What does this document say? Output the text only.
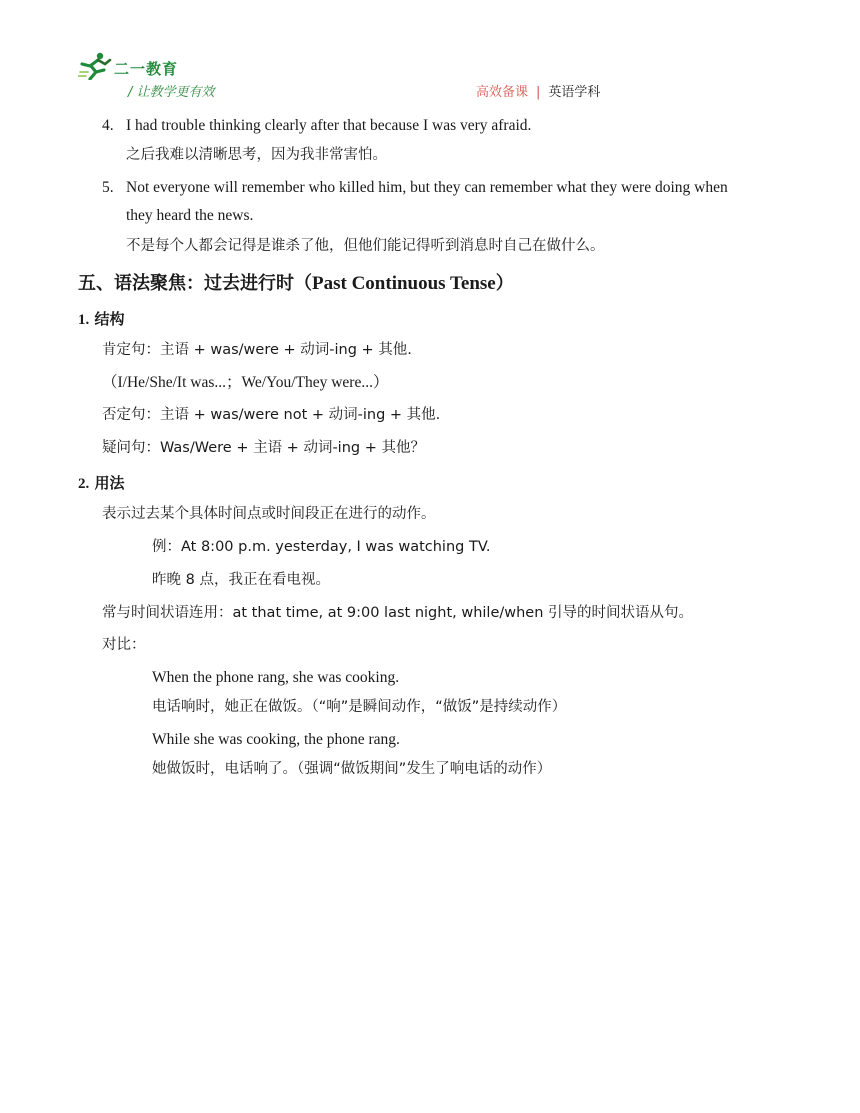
二一教育
/ 让教学更有效	高效备课 | 英语学科
4. I had trouble thinking clearly after that because I was very afraid.
之后我难以清晰思考，因为我非常害怕。
5. Not everyone will remember who killed him, but they can remember what they were doing when
they heard the news.
不是每个人都会记得是谁杀了他，但他们能记得听到消息时自己在做什么。
五、语法聚焦：过去进行时（Past Continuous Tense）
1. 结构
肯定句：主语 + was/were + 动词-ing + 其他.
（I/He/She/It was...；We/You/They were...）
否定句：主语 + was/were not + 动词-ing + 其他.
疑问句：Was/Were + 主语 + 动词-ing + 其他？
2. 用法
表示过去某个具体时间点或时间段正在进行的动作。
例：At 8:00 p.m. yesterday, I was watching TV.
昨晚 8 点，我正在看电视。
常与时间状语连用：at that time, at 9:00 last night, while/when 引导的时间状语从句。
对比：
When the phone rang, she was cooking.
电话响时，她正在做饭。（“响”是瞬间动作，“做饭”是持续动作）
While she was cooking, the phone rang.
她做饭时，电话响了。（强调“做饭期间”发生了响电话的动作）
